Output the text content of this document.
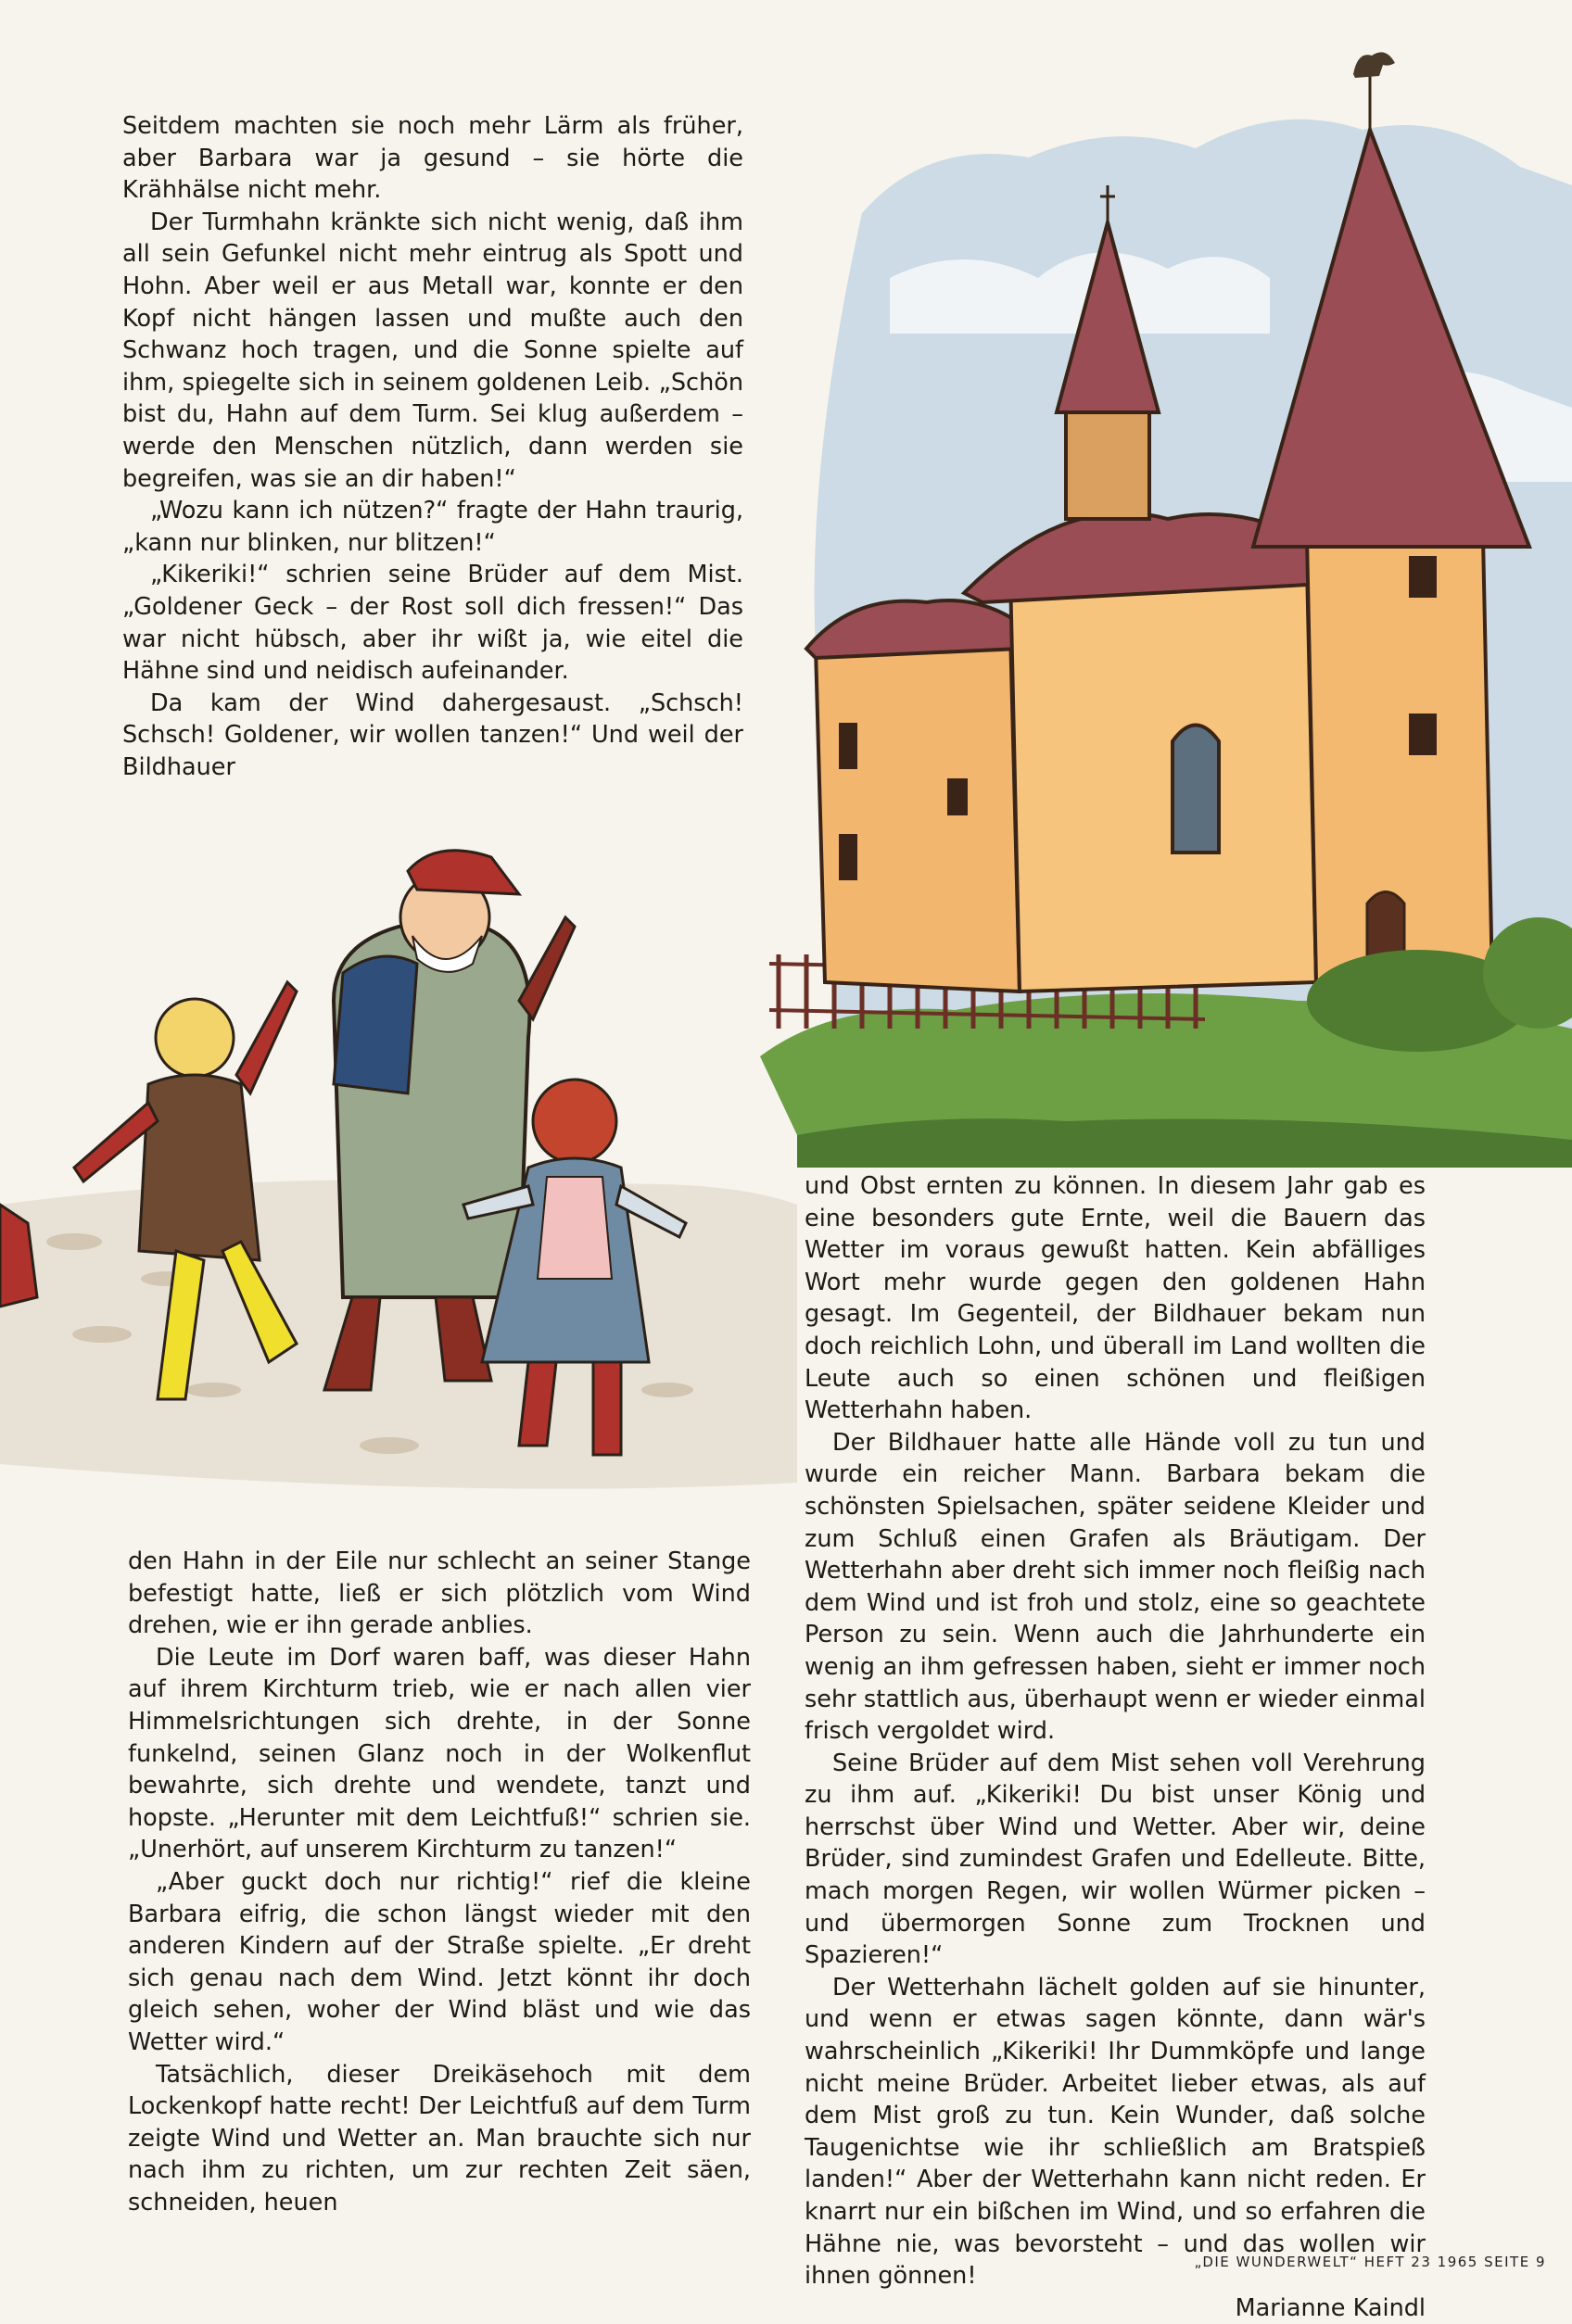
Seitdem machten sie noch mehr Lärm als früher, aber Barbara war ja gesund – sie hörte die Krähhälse nicht mehr.

Der Turmhahn kränkte sich nicht wenig, daß ihm all sein Gefunkel nicht mehr eintrug als Spott und Hohn. Aber weil er aus Metall war, konnte er den Kopf nicht hängen lassen und mußte auch den Schwanz hoch tragen, und die Sonne spielte auf ihm, spiegelte sich in seinem goldenen Leib. „Schön bist du, Hahn auf dem Turm. Sei klug außerdem – werde den Menschen nützlich, dann werden sie begreifen, was sie an dir haben!“

„Wozu kann ich nützen?“ fragte der Hahn traurig, „kann nur blinken, nur blitzen!“

„Kikeriki!“ schrien seine Brüder auf dem Mist. „Goldener Geck – der Rost soll dich fressen!“ Das war nicht hübsch, aber ihr wißt ja, wie eitel die Hähne sind und neidisch aufeinander.

Da kam der Wind dahergesaust. „Schsch! Schsch! Goldener, wir wollen tanzen!“ Und weil der Bildhauer

den Hahn in der Eile nur schlecht an seiner Stange befestigt hatte, ließ er sich plötzlich vom Wind drehen, wie er ihn gerade anblies.

Die Leute im Dorf waren baff, was dieser Hahn auf ihrem Kirchturm trieb, wie er nach allen vier Himmelsrichtungen sich drehte, in der Sonne funkelnd, seinen Glanz noch in der Wolkenflut bewahrte, sich drehte und wendete, tanzt und hopste. „Herunter mit dem Leichtfuß!“ schrien sie. „Unerhört, auf unserem Kirchturm zu tanzen!“

„Aber guckt doch nur richtig!“ rief die kleine Barbara eifrig, die schon längst wieder mit den anderen Kindern auf der Straße spielte. „Er dreht sich genau nach dem Wind. Jetzt könnt ihr doch gleich sehen, woher der Wind bläst und wie das Wetter wird.“

Tatsächlich, dieser Dreikäsehoch mit dem Lockenkopf hatte recht! Der Leichtfuß auf dem Turm zeigte Wind und Wetter an. Man brauchte sich nur nach ihm zu richten, um zur rechten Zeit säen, schneiden, heuen

und Obst ernten zu können. In diesem Jahr gab es eine besonders gute Ernte, weil die Bauern das Wetter im voraus gewußt hatten. Kein abfälliges Wort mehr wurde gegen den goldenen Hahn gesagt. Im Gegenteil, der Bildhauer bekam nun doch reichlich Lohn, und überall im Land wollten die Leute auch so einen schönen und fleißigen Wetterhahn haben.

Der Bildhauer hatte alle Hände voll zu tun und wurde ein reicher Mann. Barbara bekam die schönsten Spielsachen, später seidene Kleider und zum Schluß einen Grafen als Bräutigam. Der Wetterhahn aber dreht sich immer noch fleißig nach dem Wind und ist froh und stolz, eine so geachtete Person zu sein. Wenn auch die Jahrhunderte ein wenig an ihm gefressen haben, sieht er immer noch sehr stattlich aus, überhaupt wenn er wieder einmal frisch vergoldet wird.

Seine Brüder auf dem Mist sehen voll Verehrung zu ihm auf. „Kikeriki! Du bist unser König und herrschst über Wind und Wetter. Aber wir, deine Brüder, sind zumindest Grafen und Edelleute. Bitte, mach morgen Regen, wir wollen Würmer picken – und übermorgen Sonne zum Trocknen und Spazieren!“

Der Wetterhahn lächelt golden auf sie hinunter, und wenn er etwas sagen könnte, dann wär's wahrscheinlich „Kikeriki! Ihr Dummköpfe und lange nicht meine Brüder. Arbeitet lieber etwas, als auf dem Mist groß zu tun. Kein Wunder, daß solche Taugenichtse wie ihr schließlich am Bratspieß landen!“ Aber der Wetterhahn kann nicht reden. Er knarrt nur ein bißchen im Wind, und so erfahren die Hähne nie, was bevorsteht – und das wollen wir ihnen gönnen!

Marianne Kaindl

„DIE WUNDERWELT“ HEFT 23 1965 SEITE 9
